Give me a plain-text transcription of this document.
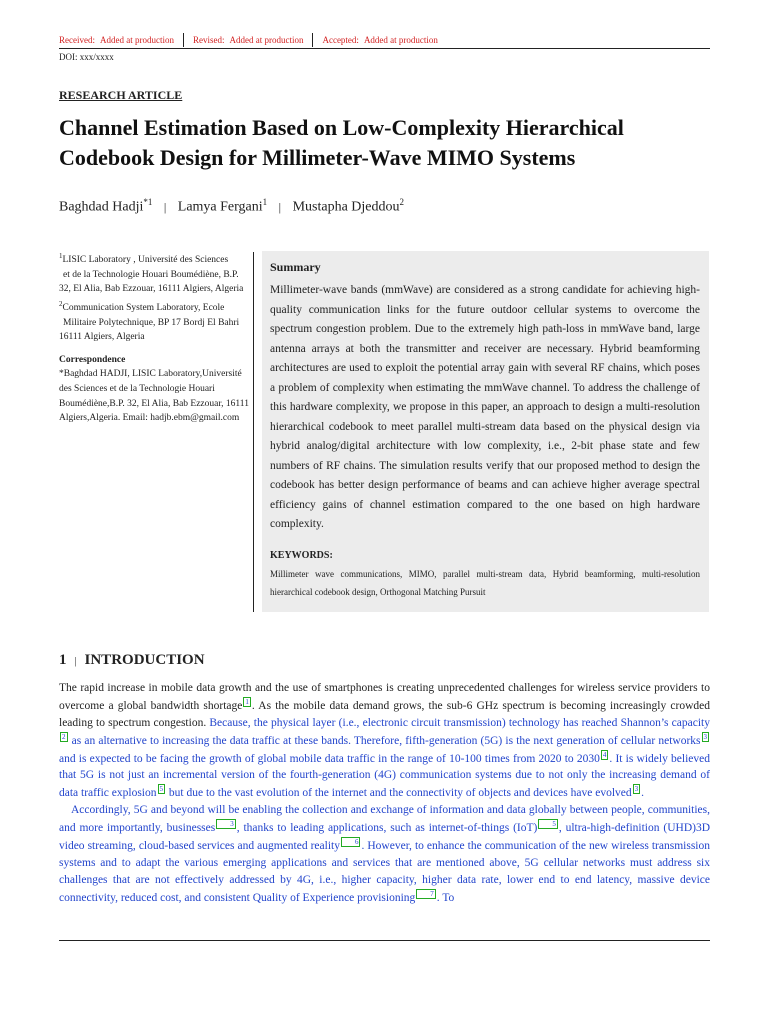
Received: Added at production Revised: Added at production Accepted: Added at production
DOI: xxx/xxxx
RESEARCH ARTICLE
Channel Estimation Based on Low-Complexity Hierarchical Codebook Design for Millimeter-Wave MIMO Systems
Baghdad Hadji$^{*1}$ | Lamya Fergani$^1$ | Mustapha Djeddou$^2$

$^1$LISIC Laboratory , Université des Sciences
et de la Technologie Houari Boumédiène, B.P. 32, El Alia, Bab Ezzouar, 16111 Algiers, Algeria

$^2$Communication System Laboratory, Ecole
Militaire Polytechnique, BP 17 Bordj El Bahri 16111 Algiers, Algeria

Correspondence
*Baghdad HADJI, LISIC Laboratory,Université des Sciences et de la Technologie Houari Boumédiène,B.P. 32, El Alia, Bab Ezzouar, 16111 Algiers,Algeria. Email: hadjb.ebm@gmail.com
Summary

Millimeter-wave bands (mmWave) are considered as a strong candidate for achieving high-quality communication links for the future outdoor cellular systems to overcome the spectrum congestion problem. Due to the extremely high path-loss in mmWave band, large antenna arrays at both the transmitter and receiver are necessary. Hybrid beamforming architectures are used to exploit the potential array gain with several RF chains, which poses a problem of complexity when estimating the mmWave channel. To address the challenge of this hardware complexity, we propose in this paper, an approach to design a multi-resolution hierarchical codebook to meet parallel multi-stream data based on the physical design via hybrid analog/digital architecture with low complexity, i.e., 2-bit phase state and few numbers of RF chains. The simulation results verify that our proposed method to design the codebook has better design performance of beams and can achieve higher average spectral efficiency gains of channel estimation compared to the one based on high hardware complexity.

KEYWORDS:

Millimeter wave communications, MIMO, parallel multi-stream data, Hybrid beamforming, multi-resolution hierarchical codebook design, Orthogonal Matching Pursuit

1 | INTRODUCTION

The rapid increase in mobile data growth and the use of smartphones is creating unprecedented challenges for wireless service providers to overcome a global bandwidth shortage 1 . As the mobile data demand grows, the sub-6 GHz spectrum is becoming increasingly crowded leading to spectrum congestion. Because, the physical layer (i.e., electronic circuit transmission) technology has reached Shannon’s capacity2 as an alternative to increasing the data traffic at these bands. Therefore, fifth-generation (5G) is the next generation of cellular networks 3 and is expected to be facing the growth of global mobile data traffic in the range of 10-100 times from 2020 to 2030 4 . It is widely believed that 5G is not just an incremental version of the fourth-generation (4G) communication systems due to not only the increasing demand of data traffic explosion 5 but due to the vast evolution of the internet and the connectivity of objects and devices have evolved 3 .

Accordingly, 5G and beyond will be enabling the collection and exchange of information and data globally between people, communities, and more importantly, businesses 3 , thanks to leading applications, such as internet-of-things (IoT) 5 , ultra-high-definition (UHD)3D video streaming, cloud-based services and augmented reality 6 . However, to enhance the communication of the new wireless transmission systems and to adapt the various emerging applications and services that are mentioned above, 5G cellular networks must address six challenges that are not effectively addressed by 4G, i.e., higher capacity, higher data rate, lower end to end latency, massive device connectivity, reduced cost, and consistent Quality of Experience provisioning 7 . To
